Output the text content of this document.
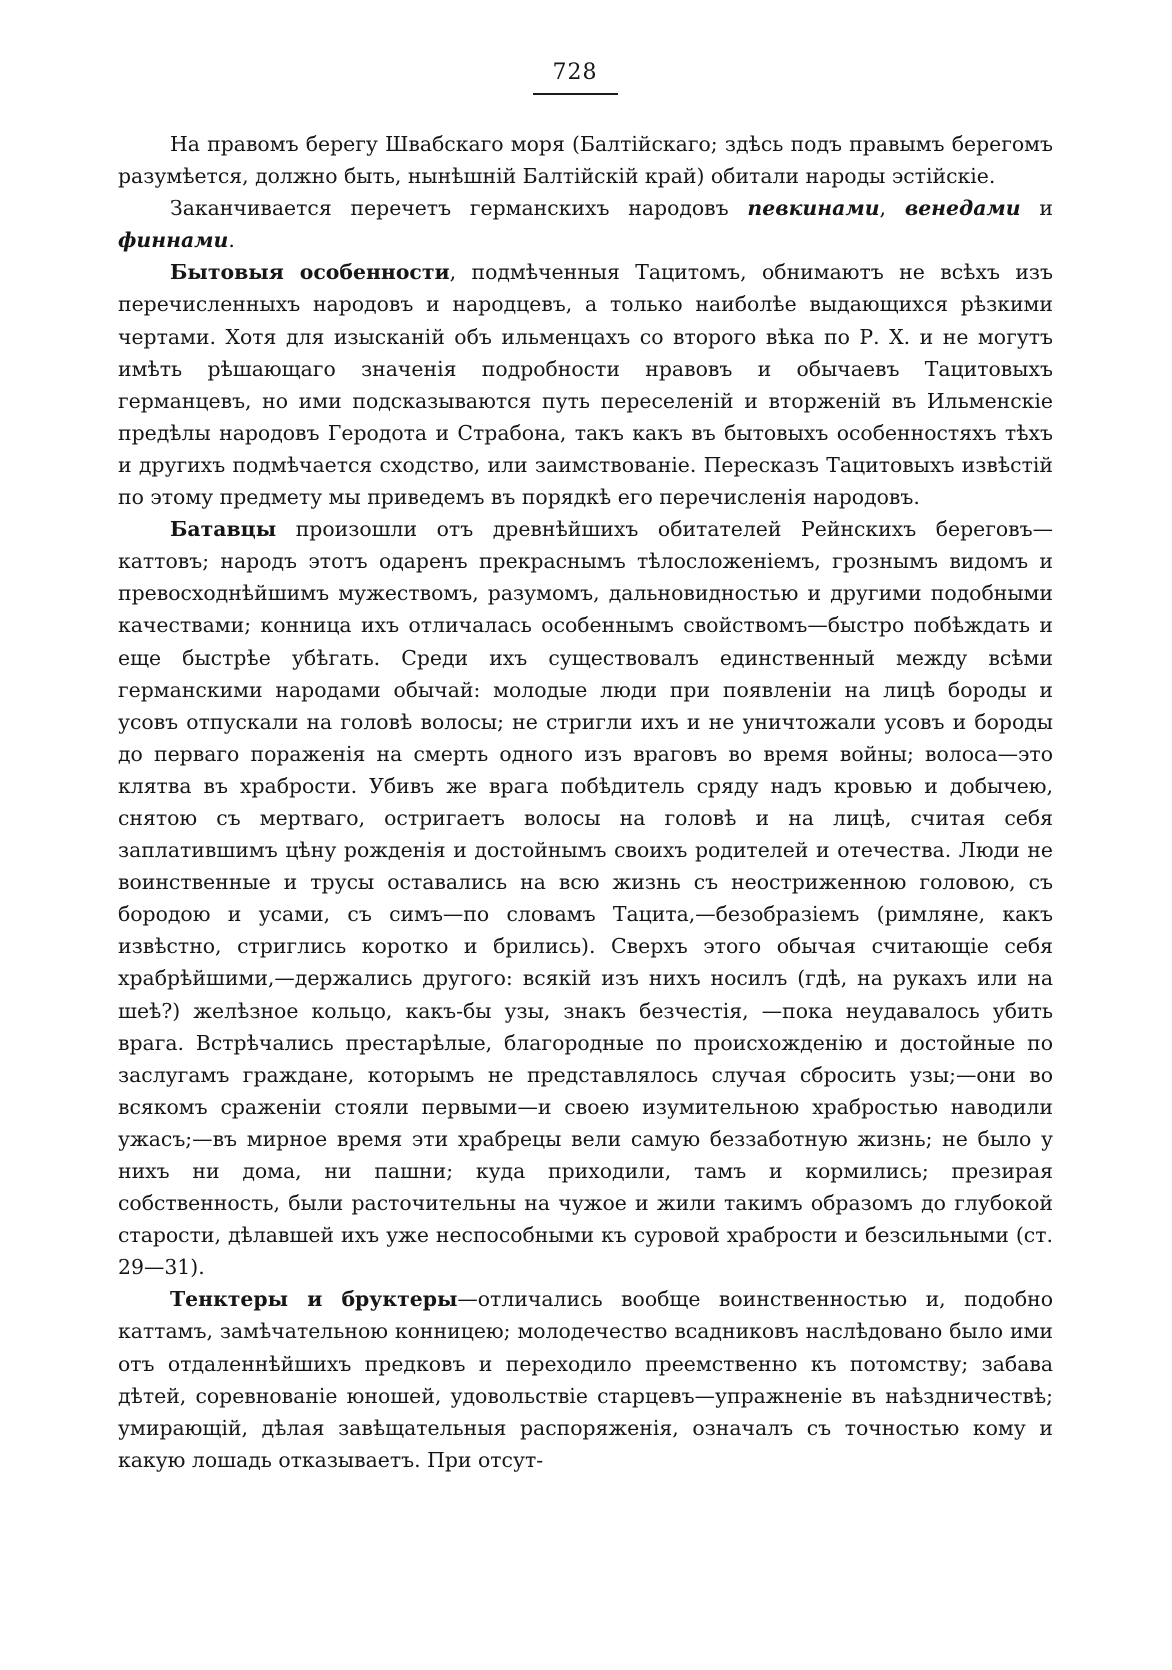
728

На правомъ берегу Швабскаго моря (Балтійскаго; здѣсь подъ правымъ берегомъ разумѣется, должно быть, нынѣшній Балтійскій край) обитали народы эстійскіе.

Заканчивается перечетъ германскихъ народовъ певкинами, венедами и финнами.

Бытовыя особенности, подмѣченныя Тацитомъ, обнимаютъ не всѣхъ изъ перечисленныхъ народовъ и народцевъ, а только наиболѣе выдающихся рѣзкими чертами. Хотя для изысканій объ ильменцахъ со второго вѣка по Р. Х. и не могутъ имѣть рѣшающаго значенія подробности нравовъ и обычаевъ Тацитовыхъ германцевъ, но ими подсказываются путь переселеній и вторженій въ Ильменскіе предѣлы народовъ Геродота и Страбона, такъ какъ въ бытовыхъ особенностяхъ тѣхъ и другихъ подмѣчается сходство, или заимствованіе. Пересказъ Тацитовыхъ извѣстій по этому предмету мы приведемъ въ порядкѣ его перечисленія народовъ.

Батавцы произошли отъ древнѣйшихъ обитателей Рейнскихъ береговъ—каттовъ; народъ этотъ одаренъ прекраснымъ тѣлосложеніемъ, грознымъ видомъ и превосходнѣйшимъ мужествомъ, разумомъ, дальновидностью и другими подобными качествами; конница ихъ отличалась особеннымъ свойствомъ—быстро побѣждать и еще быстрѣе убѣгать. Среди ихъ существовалъ единственный между всѣми германскими народами обычай: молодые люди при появленіи на лицѣ бороды и усовъ отпускали на головѣ волосы; не стригли ихъ и не уничтожали усовъ и бороды до перваго пораженія на смерть одного изъ враговъ во время войны; волоса—это клятва въ храбрости. Убивъ же врага побѣдитель сряду надъ кровью и добычею, снятою съ мертваго, остригаетъ волосы на головѣ и на лицѣ, считая себя заплатившимъ цѣну рожденія и достойнымъ своихъ родителей и отечества. Люди не воинственные и трусы оставались на всю жизнь съ неостриженною головою, съ бородою и усами, съ симъ—по словамъ Тацита,—безобразіемъ (римляне, какъ извѣстно, стриглись коротко и брились). Сверхъ этого обычая считающіе себя храбрѣйшими,—держались другого: всякій изъ нихъ носилъ (гдѣ, на рукахъ или на шеѣ?) желѣзное кольцо, какъ-бы узы, знакъ безчестія, —пока неудавалось убить врага. Встрѣчались престарѣлые, благородные по происхожденію и достойные по заслугамъ граждане, которымъ не представлялось случая сбросить узы;—они во всякомъ сраженіи стояли первыми—и своею изумительною храбростью наводили ужасъ;—въ мирное время эти храбрецы вели самую беззаботную жизнь; не было у нихъ ни дома, ни пашни; куда приходили, тамъ и кормились; презирая собственность, были расточительны на чужое и жили такимъ образомъ до глубокой старости, дѣлавшей ихъ уже неспособными къ суровой храбрости и безсильными (ст. 29—31).

Тенктеры и бруктеры—отличались вообще воинственностью и, подобно каттамъ, замѣчательною конницею; молодечество всадниковъ наслѣдовано было ими отъ отдаленнѣйшихъ предковъ и переходило преемственно къ потомству; забава дѣтей, соревнованіе юношей, удовольствіе старцевъ—упражненіе въ наѣздничествѣ; умирающій, дѣлая завѣщательныя распоряженія, означалъ съ точностью кому и какую лошадь отказываетъ. При отсут-
